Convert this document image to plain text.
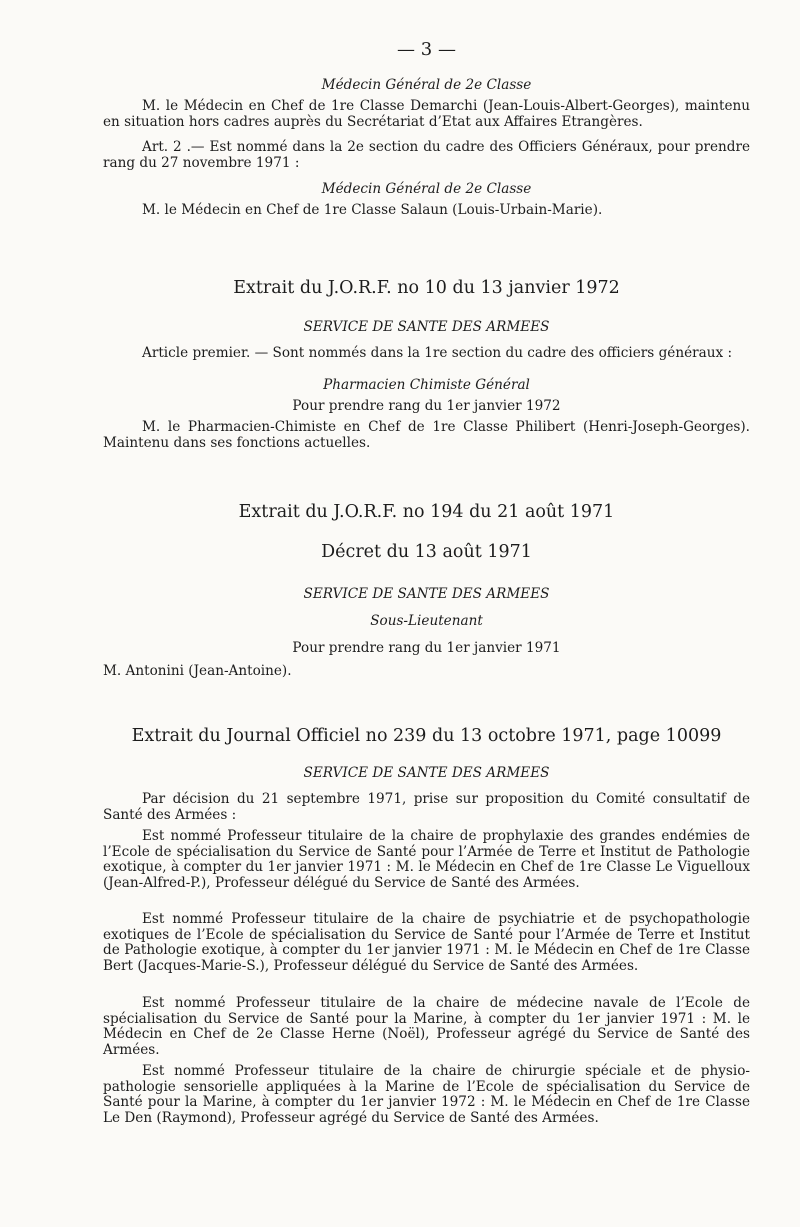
— 3 —
Médecin Général de 2e Classe
M. le Médecin en Chef de 1re Classe Demarchi (Jean-Louis-Albert-Georges), maintenu en situation hors cadres auprès du Secrétariat d’Etat aux Affaires Etrangères.
Art. 2 .— Est nommé dans la 2e section du cadre des Officiers Généraux, pour prendre rang du 27 novembre 1971 :
Médecin Général de 2e Classe
M. le Médecin en Chef de 1re Classe Salaun (Louis-Urbain-Marie).
Extrait du J.O.R.F. no 10 du 13 janvier 1972
SERVICE DE SANTE DES ARMEES
Article premier. — Sont nommés dans la 1re section du cadre des officiers généraux :
Pharmacien Chimiste Général
Pour prendre rang du 1er janvier 1972
M. le Pharmacien-Chimiste en Chef de 1re Classe Philibert (Henri-Joseph-Georges). Maintenu dans ses fonctions actuelles.
Extrait du J.O.R.F. no 194 du 21 août 1971
Décret du 13 août 1971
SERVICE DE SANTE DES ARMEES
Sous-Lieutenant
Pour prendre rang du 1er janvier 1971
M. Antonini (Jean-Antoine).
Extrait du Journal Officiel no 239 du 13 octobre 1971, page 10099
SERVICE DE SANTE DES ARMEES
Par décision du 21 septembre 1971, prise sur proposition du Comité consultatif de Santé des Armées :
Est nommé Professeur titulaire de la chaire de prophylaxie des grandes endémies de l’Ecole de spécialisation du Service de Santé pour l’Armée de Terre et Institut de Pathologie exotique, à compter du 1er janvier 1971 : M. le Médecin en Chef de 1re Classe Le Viguelloux (Jean-Alfred-P.), Professeur délégué du Service de Santé des Armées.
Est nommé Professeur titulaire de la chaire de psychiatrie et de psychopathologie exotiques de l’Ecole de spécialisation du Service de Santé pour l’Armée de Terre et Institut de Pathologie exotique, à compter du 1er janvier 1971 : M. le Médecin en Chef de 1re Classe Bert (Jacques-Marie-S.), Professeur délégué du Service de Santé des Armées.
Est nommé Professeur titulaire de la chaire de médecine navale de l’Ecole de spécialisation du Service de Santé pour la Marine, à compter du 1er janvier 1971 : M. le Médecin en Chef de 2e Classe Herne (Noël), Professeur agrégé du Service de Santé des Armées.
Est nommé Professeur titulaire de la chaire de chirurgie spéciale et de physio-pathologie sensorielle appliquées à la Marine de l’Ecole de spécialisation du Service de Santé pour la Marine, à compter du 1er janvier 1972 : M. le Médecin en Chef de 1re Classe Le Den (Raymond), Professeur agrégé du Service de Santé des Armées.
